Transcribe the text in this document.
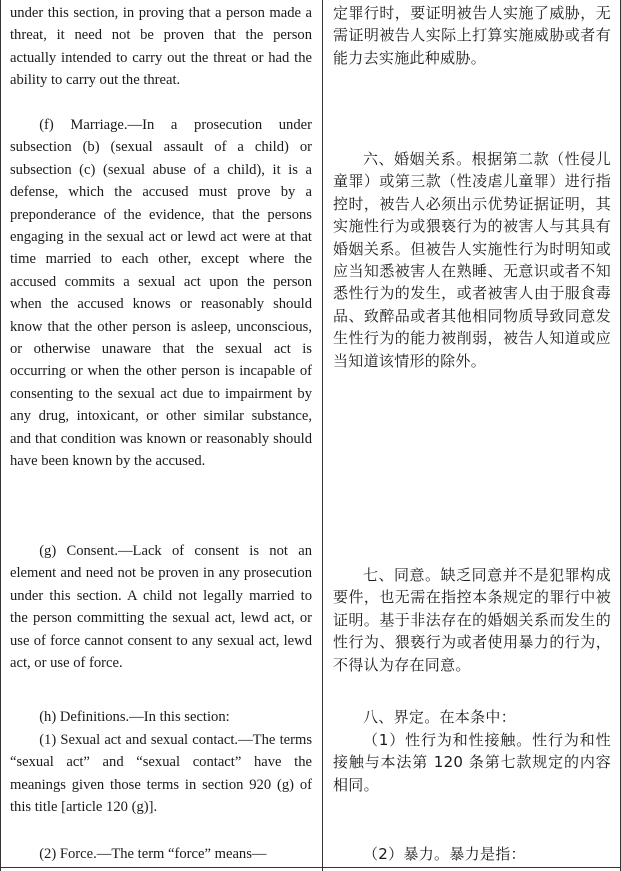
under this section, in proving that a person made a threat, it need not be proven that the person actually intended to carry out the threat or had the ability to carry out the threat.

(f) Marriage.—In a prosecution under subsection (b) (sexual assault of a child) or subsection (c) (sexual abuse of a child), it is a defense, which the accused must prove by a preponderance of the evidence, that the persons engaging in the sexual act or lewd act were at that time married to each other, except where the accused commits a sexual act upon the person when the accused knows or reasonably should know that the other person is asleep, unconscious, or otherwise unaware that the sexual act is occurring or when the other person is incapable of consenting to the sexual act due to impairment by any drug, intoxicant, or other similar substance, and that condition was known or reasonably should have been known by the accused.

(g) Consent.—Lack of consent is not an element and need not be proven in any prosecution under this section. A child not legally married to the person committing the sexual act, lewd act, or use of force cannot consent to any sexual act, lewd act, or use of force.

(h) Definitions.—In this section:

(1) Sexual act and sexual contact.—The terms “sexual act” and “sexual contact” have the meanings given those terms in section 920 (g) of this title [article 120 (g)].

(2) Force.—The term “force” means—

定罪行时，要证明被告人实施了威胁，无需证明被告人实际上打算实施威胁或者有能力去实施此种威胁。

六、婚姻关系。根据第二款（性侵儿童罪）或第三款（性凌虐儿童罪）进行指控时，被告人必须出示优势证据证明，其实施性行为或猥亵行为的被害人与其具有婚姻关系。但被告人实施性行为时明知或应当知悉被害人在熟睡、无意识或者不知悉性行为的发生，或者被害人由于服食毒品、致醉品或者其他相同物质导致同意发生性行为的能力被削弱，被告人知道或应当知道该情形的除外。

七、同意。缺乏同意并不是犯罪构成要件，也无需在指控本条规定的罪行中被证明。基于非法存在的婚姻关系而发生的性行为、猥亵行为或者使用暴力的行为，不得认为存在同意。

八、界定。在本条中：

（1）性行为和性接触。性行为和性接触与本法第 120 条第七款规定的内容相同。

（2）暴力。暴力是指：
